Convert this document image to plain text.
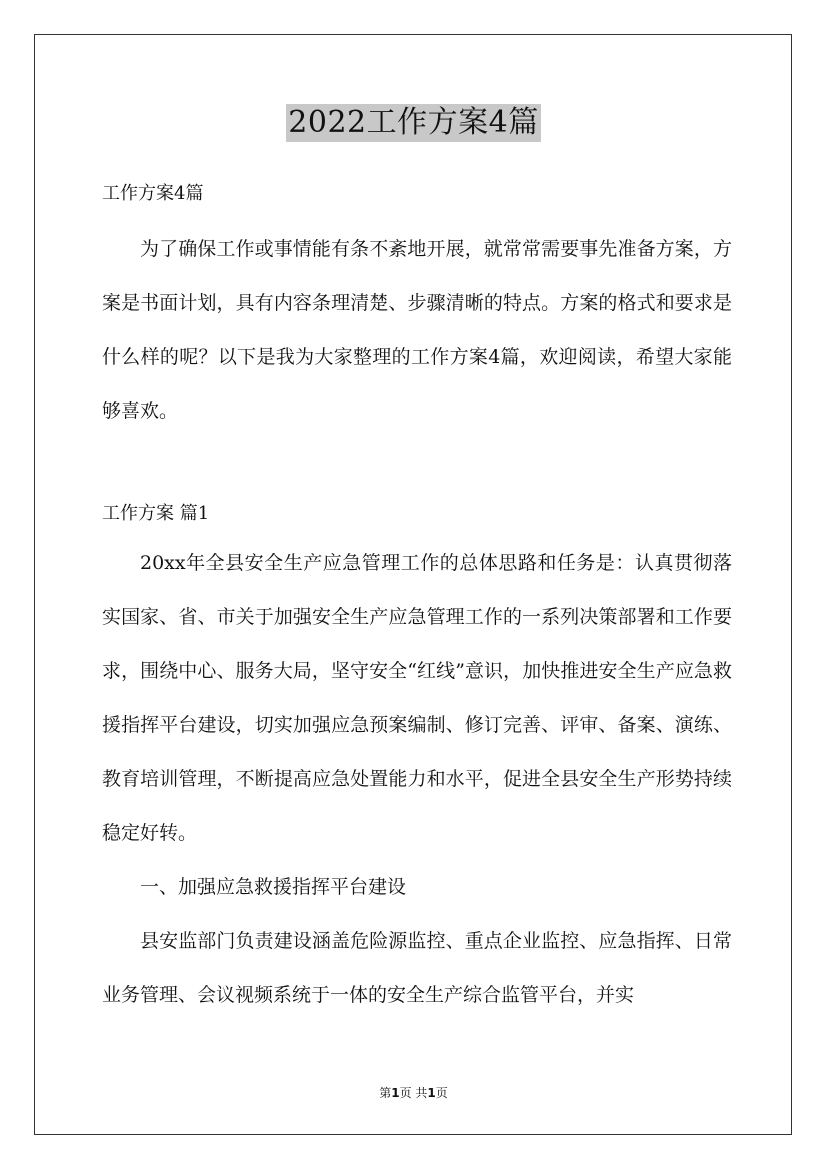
2022工作方案4篇

工作方案4篇

为了确保工作或事情能有条不紊地开展，就常常需要事先准备方案，方案是书面计划，具有内容条理清楚、步骤清晰的特点。方案的格式和要求是什么样的呢？以下是我为大家整理的工作方案4篇，欢迎阅读，希望大家能够喜欢。

工作方案 篇1

20xx年全县安全生产应急管理工作的总体思路和任务是：认真贯彻落实国家、省、市关于加强安全生产应急管理工作的一系列决策部署和工作要求，围绕中心、服务大局，坚守安全“红线”意识，加快推进安全生产应急救援指挥平台建设，切实加强应急预案编制、修订完善、评审、备案、演练、教育培训管理，不断提高应急处置能力和水平，促进全县安全生产形势持续稳定好转。

一、加强应急救援指挥平台建设

县安监部门负责建设涵盖危险源监控、重点企业监控、应急指挥、日常业务管理、会议视频系统于一体的安全生产综合监管平台，并实

第1页 共1页
